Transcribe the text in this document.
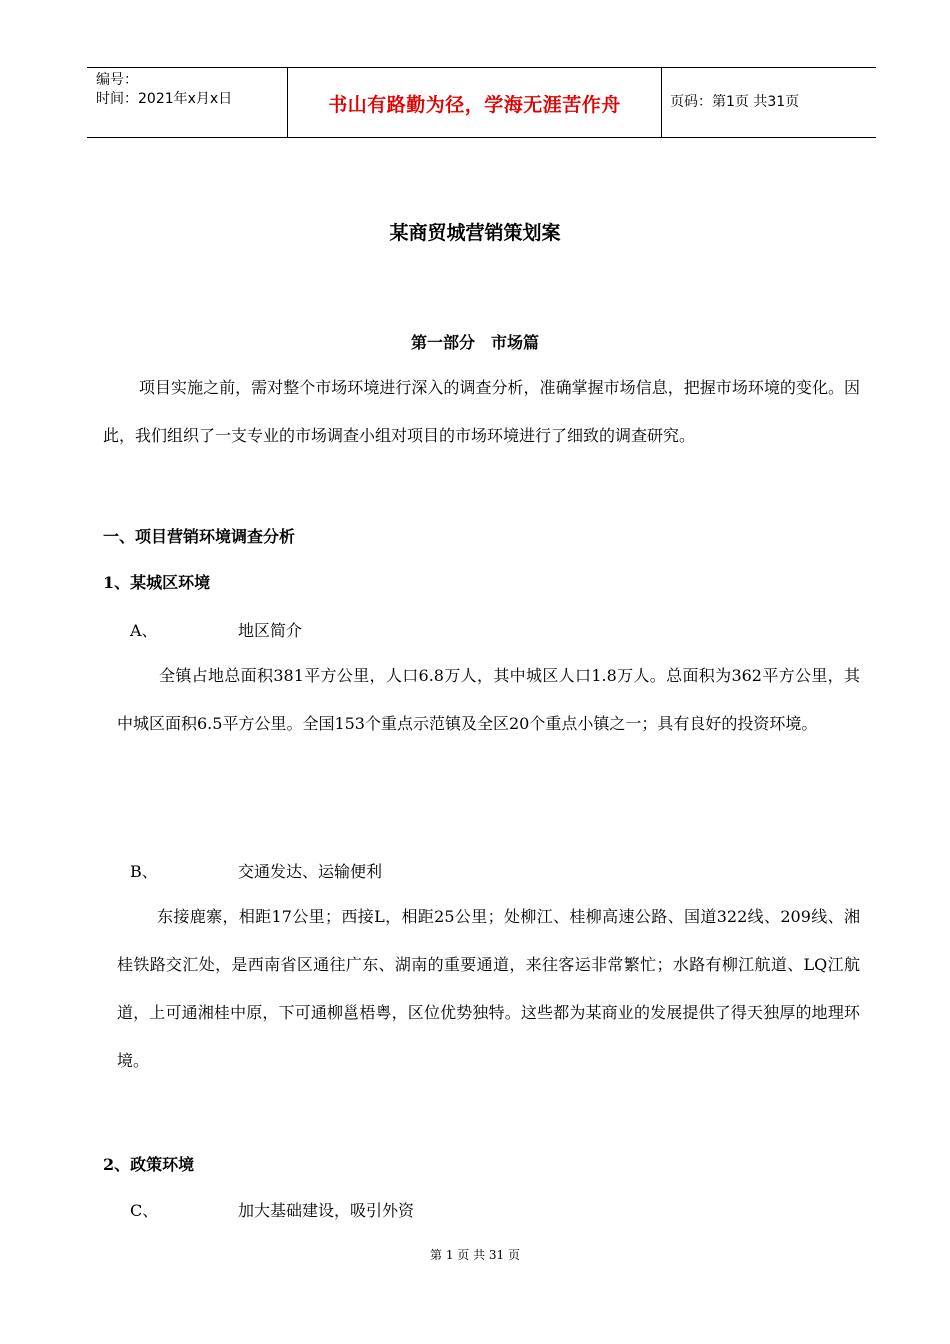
编号：
时间：2021年x月x日	书山有路勤为径，学海无涯苦作舟	页码：第1页 共31页
某商贸城营销策划案
第一部分　市场篇
项目实施之前，需对整个市场环境进行深入的调查分析，准确掌握市场信息，把握市场环境的变化。因此，我们组织了一支专业的市场调查小组对项目的市场环境进行了细致的调查研究。
一、项目营销环境调查分析
1、某城区环境
A、	地区简介
全镇占地总面积381平方公里，人口6.8万人，其中城区人口1.8万人。总面积为362平方公里，其中城区面积6.5平方公里。全国153个重点示范镇及全区20个重点小镇之一；具有良好的投资环境。
B、	交通发达、运输便利
东接鹿寨，相距17公里；西接L，相距25公里；处柳江、桂柳高速公路、国道322线、209线、湘桂铁路交汇处，是西南省区通往广东、湖南的重要通道，来往客运非常繁忙；水路有柳江航道、LQ江航道，上可通湘桂中原，下可通柳邕梧粤，区位优势独特。这些都为某商业的发展提供了得天独厚的地理环境。
2、政策环境
C、	加大基础建设，吸引外资
第 1 页 共 31 页
